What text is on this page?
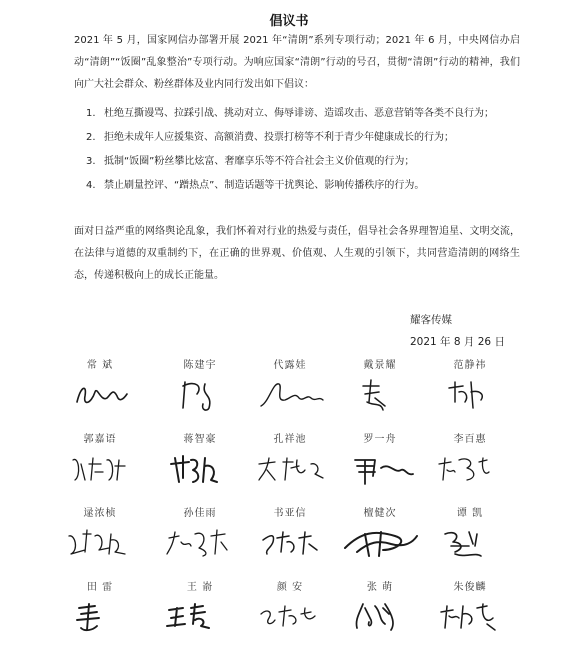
倡议书
2021 年 5 月，国家网信办部署开展 2021 年“清朗”系列专项行动；2021 年 6 月，中央网信办启动“清朗”“饭圈”乱象整治”专项行动。为响应国家“清朗”行动的号召，贯彻“清朗”行动的精神，我们向广大社会群众、粉丝群体及业内同行发出如下倡议：
1. 杜绝互撕谩骂、拉踩引战、挑动对立、侮辱诽谤、造谣攻击、恶意营销等各类不良行为；
2. 拒绝未成年人应援集资、高额消费、投票打榜等不利于青少年健康成长的行为；
3. 抵制“饭圈”粉丝攀比炫富、奢靡享乐等不符合社会主义价值观的行为；
4. 禁止刷量控评、“蹭热点”、制造话题等干扰舆论、影响传播秩序的行为。
面对日益严重的网络舆论乱象，我们怀着对行业的热爱与责任，倡导社会各界理智追星、文明交流，在法律与道德的双重制约下，在正确的世界观、价值观、人生观的引领下，共同营造清朗的网络生态，传递积极向上的成长正能量。
耀客传媒
2021 年 8 月 26 日
常 斌	陈建宇	代露娃	戴景耀	范静祎
郭嘉语	蒋智豪	孔祥池	罗一舟	李百惠
逯浓桢	孙佳雨	书亚信	檀健次	谭 凯
田 雷	王 嵛	颜 安	张 萌	朱俊麟
